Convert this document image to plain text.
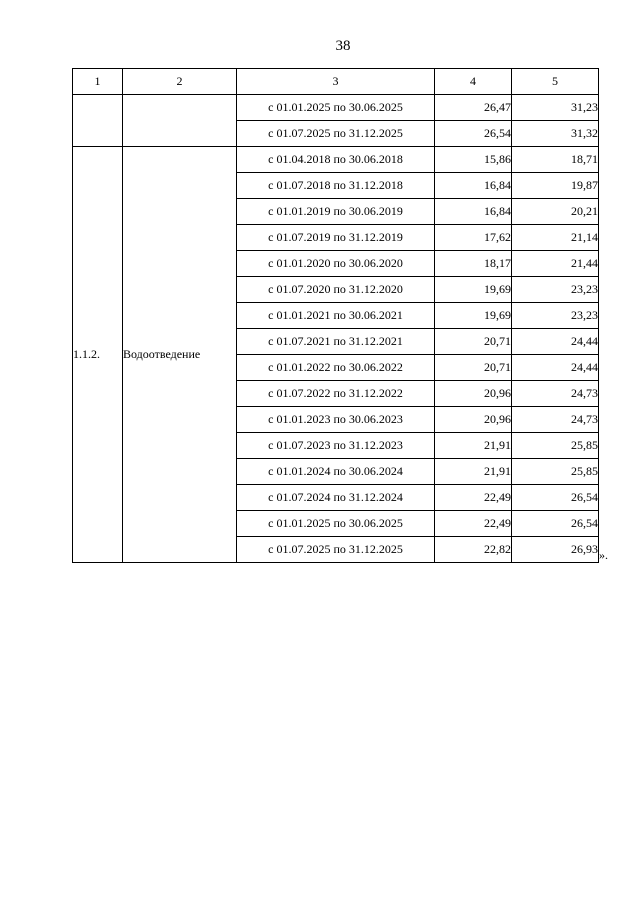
38
1	2	3	4	5
		с 01.01.2025 по 30.06.2025	26,47	31,23
		с 01.07.2025 по 31.12.2025	26,54	31,32
1.1.2.	Водоотведение	с 01.04.2018 по 30.06.2018	15,86	18,71
		с 01.07.2018 по 31.12.2018	16,84	19,87
		с 01.01.2019 по 30.06.2019	16,84	20,21
		с 01.07.2019 по 31.12.2019	17,62	21,14
		с 01.01.2020 по 30.06.2020	18,17	21,44
		с 01.07.2020 по 31.12.2020	19,69	23,23
		с 01.01.2021 по 30.06.2021	19,69	23,23
		с 01.07.2021 по 31.12.2021	20,71	24,44
		с 01.01.2022 по 30.06.2022	20,71	24,44
		с 01.07.2022 по 31.12.2022	20,96	24,73
		с 01.01.2023 по 30.06.2023	20,96	24,73
		с 01.07.2023 по 31.12.2023	21,91	25,85
		с 01.01.2024 по 30.06.2024	21,91	25,85
		с 01.07.2024 по 31.12.2024	22,49	26,54
		с 01.01.2025 по 30.06.2025	22,49	26,54
		с 01.07.2025 по 31.12.2025	22,82	26,93 ».
